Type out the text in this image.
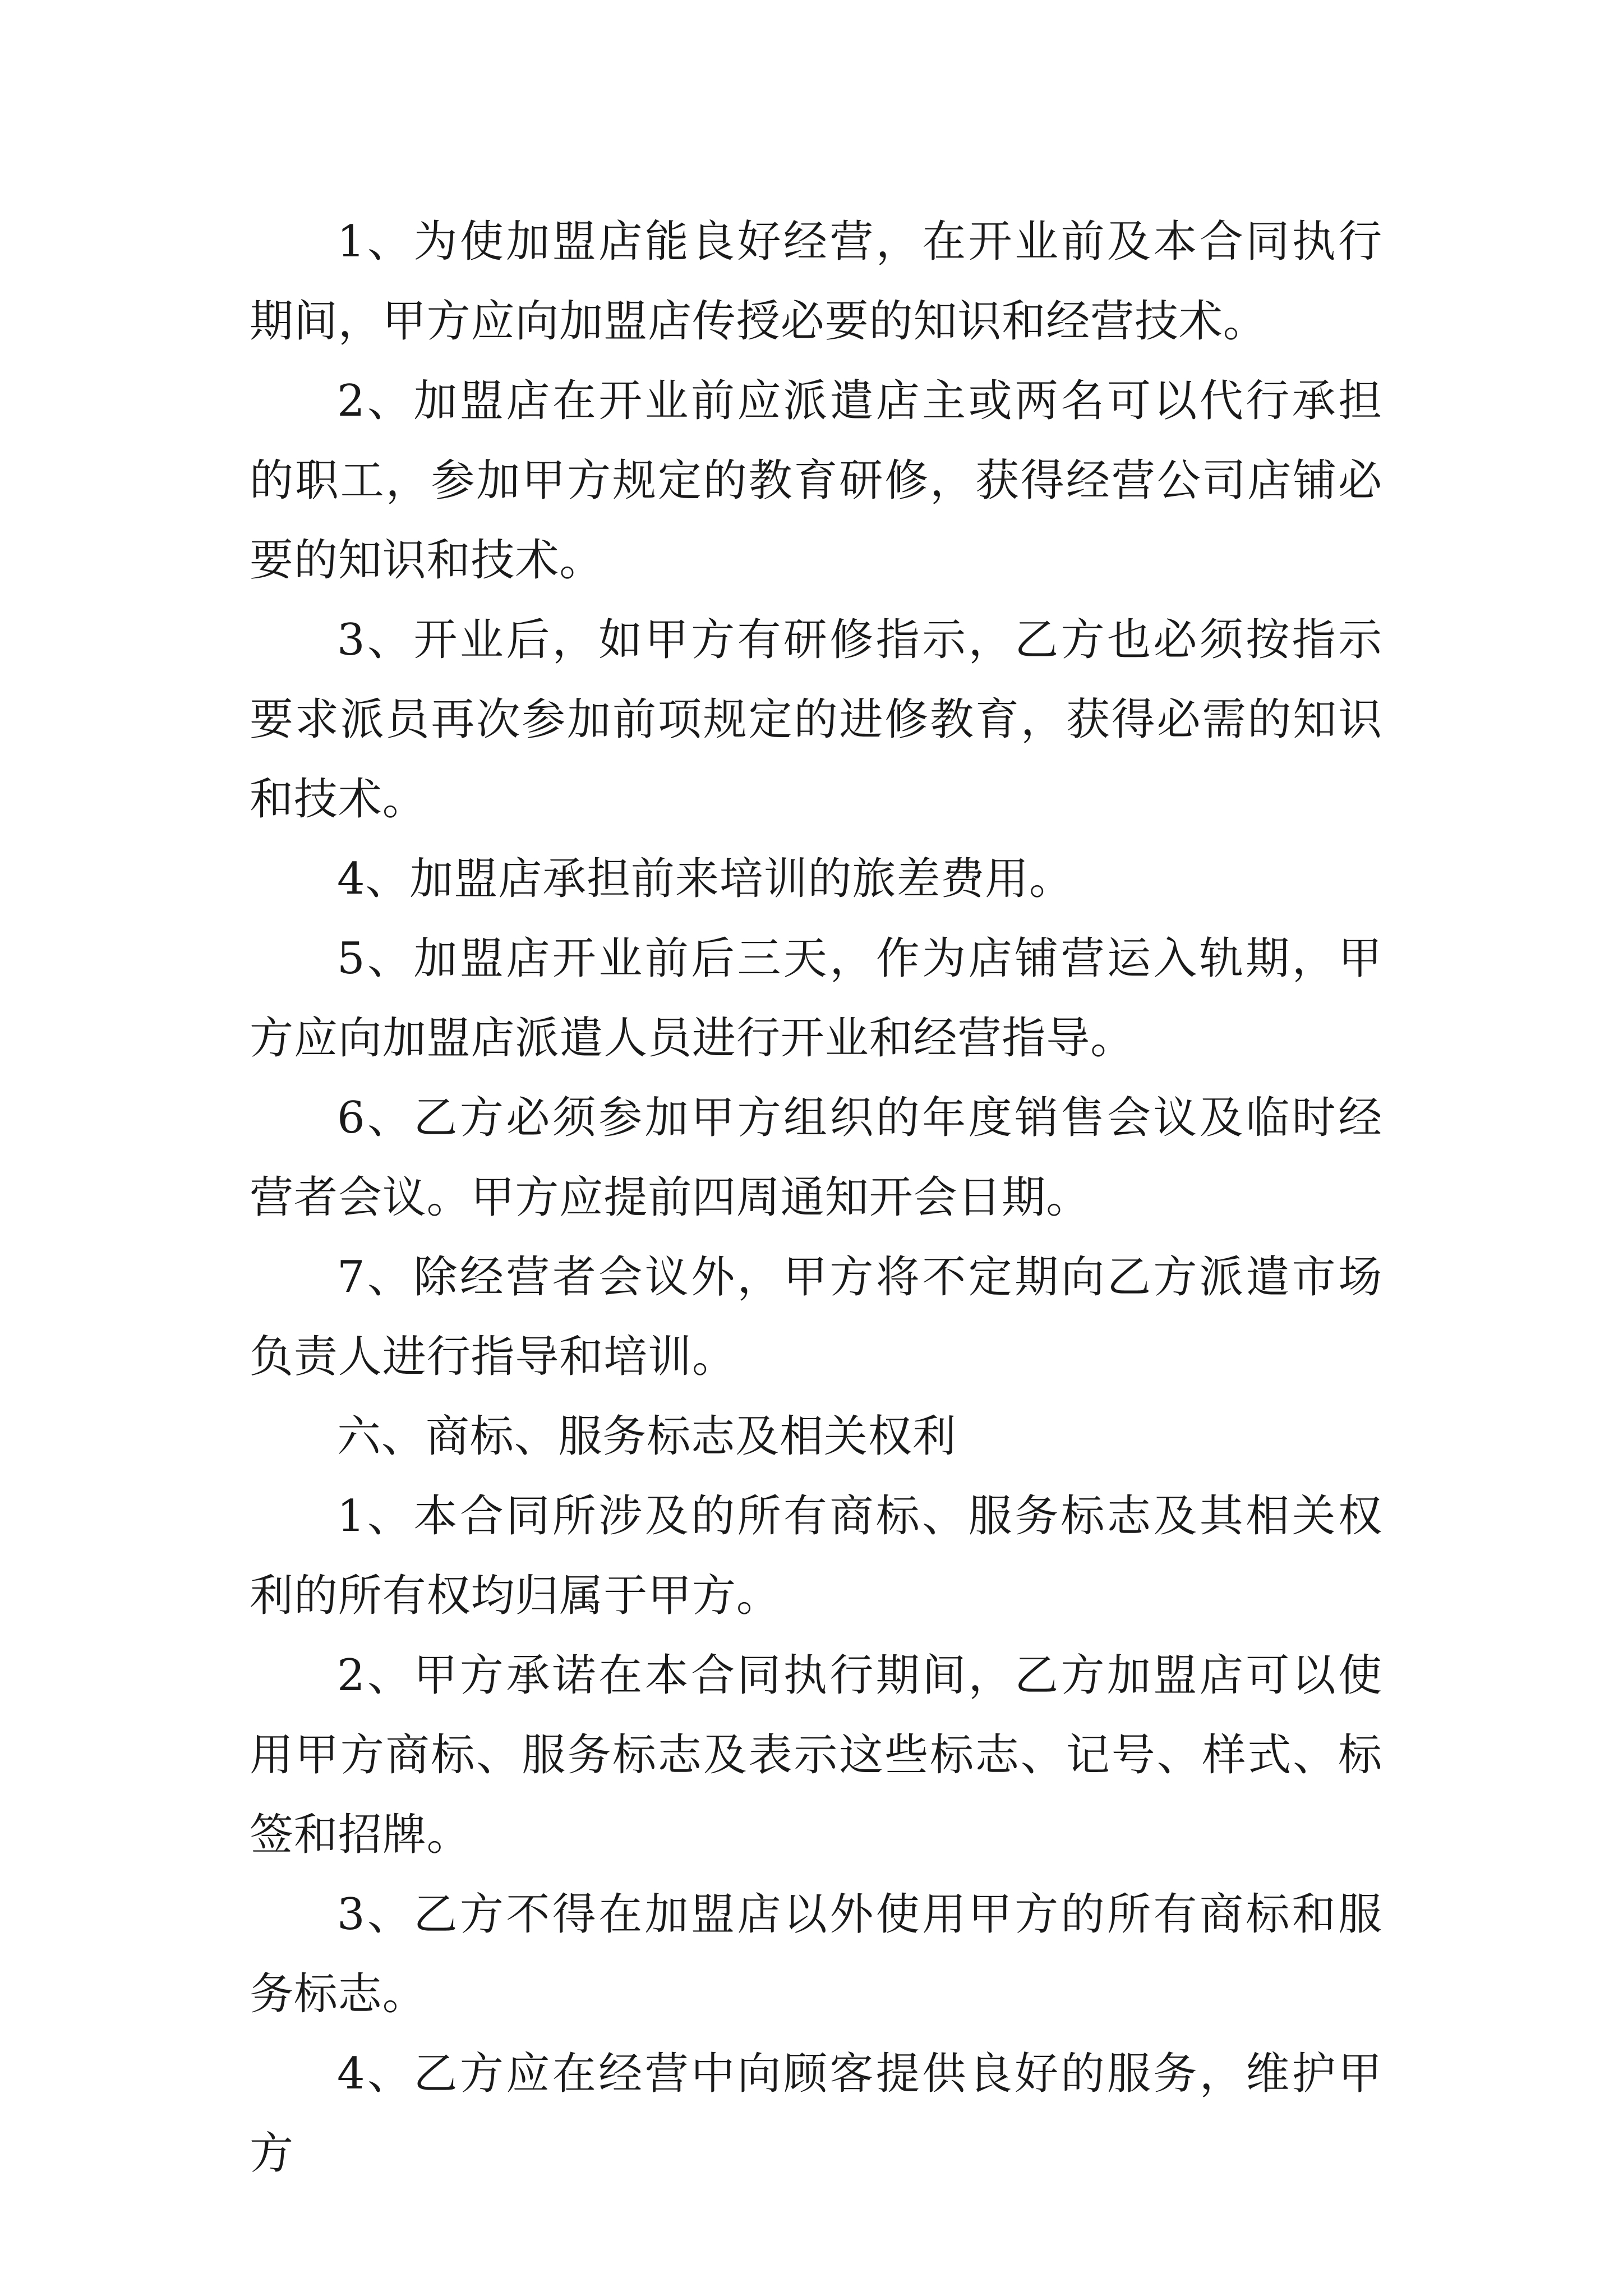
1、为使加盟店能良好经营，在开业前及本合同执行期间，甲方应向加盟店传授必要的知识和经营技术。

2、加盟店在开业前应派遣店主或两名可以代行承担的职工，参加甲方规定的教育研修，获得经营公司店铺必要的知识和技术。

3、开业后，如甲方有研修指示，乙方也必须按指示要求派员再次参加前项规定的进修教育，获得必需的知识和技术。

4、加盟店承担前来培训的旅差费用。

5、加盟店开业前后三天，作为店铺营运入轨期，甲方应向加盟店派遣人员进行开业和经营指导。

6、乙方必须参加甲方组织的年度销售会议及临时经营者会议。甲方应提前四周通知开会日期。

7、除经营者会议外，甲方将不定期向乙方派遣市场负责人进行指导和培训。

六、商标、服务标志及相关权利

1、本合同所涉及的所有商标、服务标志及其相关权利的所有权均归属于甲方。

2、甲方承诺在本合同执行期间，乙方加盟店可以使用甲方商标、服务标志及表示这些标志、记号、样式、标签和招牌。

3、乙方不得在加盟店以外使用甲方的所有商标和服务标志。

4、乙方应在经营中向顾客提供良好的服务，维护甲方
